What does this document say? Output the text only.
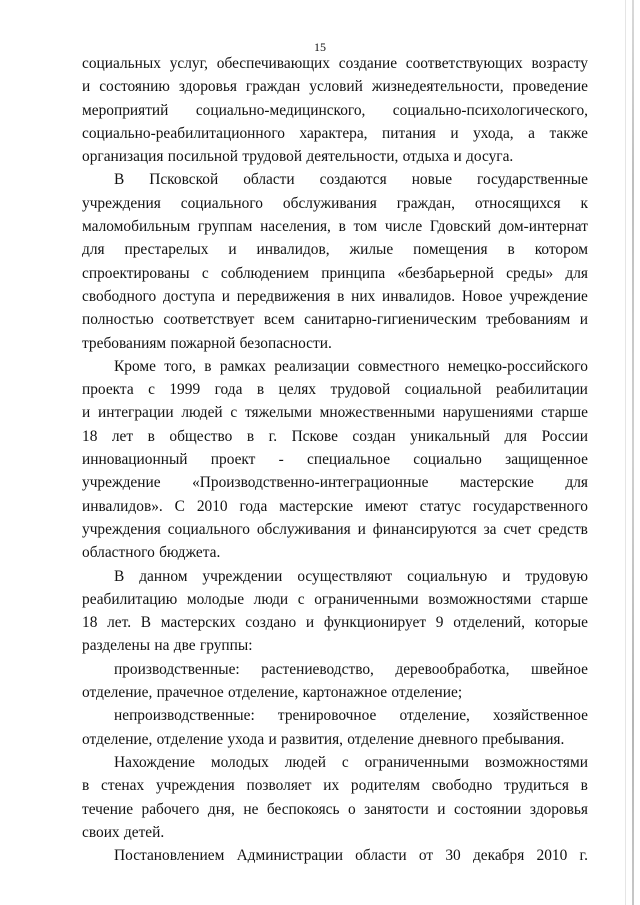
15
социальных услуг, обеспечивающих создание соответствующих возрасту
и состоянию здоровья граждан условий жизнедеятельности, проведение
мероприятий социально-медицинского, социально-психологического,
социально-реабилитационного характера, питания и ухода, а также
организация посильной трудовой деятельности, отдыха и досуга.
В Псковской области создаются новые государственные
учреждения социального обслуживания граждан, относящихся к
маломобильным группам населения, в том числе Гдовский дом-интернат
для престарелых и инвалидов, жилые помещения в котором
спроектированы с соблюдением принципа «безбарьерной среды» для
свободного доступа и передвижения в них инвалидов. Новое учреждение
полностью соответствует всем санитарно-гигиеническим требованиям и
требованиям пожарной безопасности.
Кроме того, в рамках реализации совместного немецко-российского
проекта с 1999 года в целях трудовой социальной реабилитации
и интеграции людей с тяжелыми множественными нарушениями старше
18 лет в общество в г. Пскове создан уникальный для России
инновационный проект - специальное социально защищенное
учреждение «Производственно-интеграционные мастерские для
инвалидов». С 2010 года мастерские имеют статус государственного
учреждения социального обслуживания и финансируются за счет средств
областного бюджета.
В данном учреждении осуществляют социальную и трудовую
реабилитацию молодые люди с ограниченными возможностями старше
18 лет. В мастерских создано и функционирует 9 отделений, которые
разделены на две группы:
производственные: растениеводство, деревообработка, швейное
отделение, прачечное отделение, картонажное отделение;
непроизводственные: тренировочное отделение, хозяйственное
отделение, отделение ухода и развития, отделение дневного пребывания.
Нахождение молодых людей с ограниченными возможностями
в стенах учреждения позволяет их родителям свободно трудиться в
течение рабочего дня, не беспокоясь о занятости и состоянии здоровья
своих детей.
Постановлением Администрации области от 30 декабря 2010 г.
